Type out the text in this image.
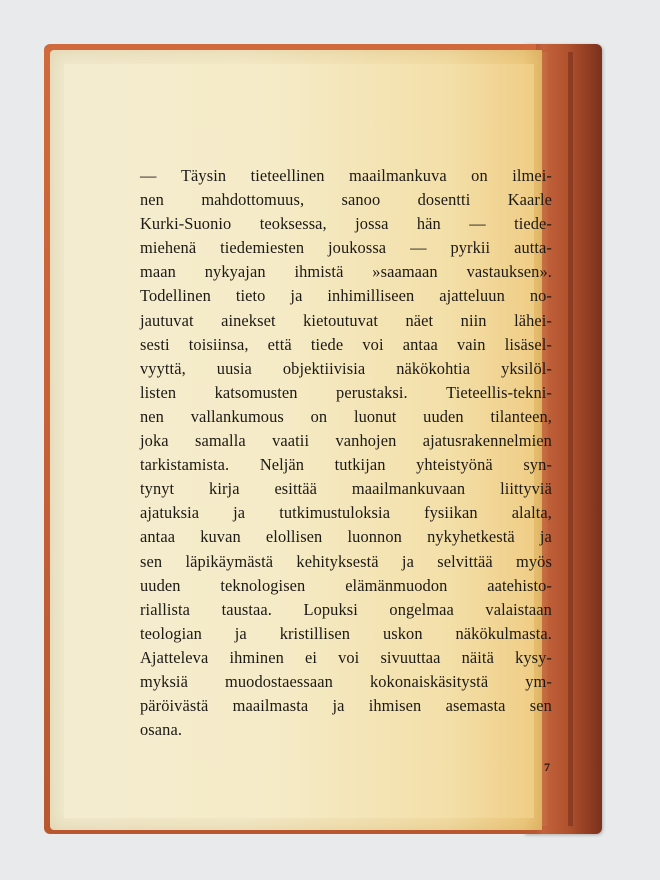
— Täysin tieteellinen maailmankuva on ilmei-
nen mahdottomuus, sanoo dosentti Kaarle
Kurki-Suonio teoksessa, jossa hän — tiede-
miehenä tiedemiesten joukossa — pyrkii autta-
maan nykyajan ihmistä »saamaan vastauksen».
Todellinen tieto ja inhimilliseen ajatteluun no-
jautuvat ainekset kietoutuvat näet niin lähei-
sesti toisiinsa, että tiede voi antaa vain lisäsel-
vyyttä, uusia objektiivisia näkökohtia yksilöl-
listen katsomusten perustaksi. Tieteellis-tekni-
nen vallankumous on luonut uuden tilanteen,
joka samalla vaatii vanhojen ajatusrakennelmien
tarkistamista. Neljän tutkijan yhteistyönä syn-
tynyt kirja esittää maailmankuvaan liittyviä
ajatuksia ja tutkimustuloksia fysiikan alalta,
antaa kuvan elollisen luonnon nykyhetkestä ja
sen läpikäymästä kehityksestä ja selvittää myös
uuden teknologisen elämänmuodon aatehisto-
riallista taustaa. Lopuksi ongelmaa valaistaan
teologian ja kristillisen uskon näkökulmasta.
Ajatteleva ihminen ei voi sivuuttaa näitä kysy-
myksiä muodostaessaan kokonaiskäsitystä ym-
päröivästä maailmasta ja ihmisen asemasta sen
osana.
7
